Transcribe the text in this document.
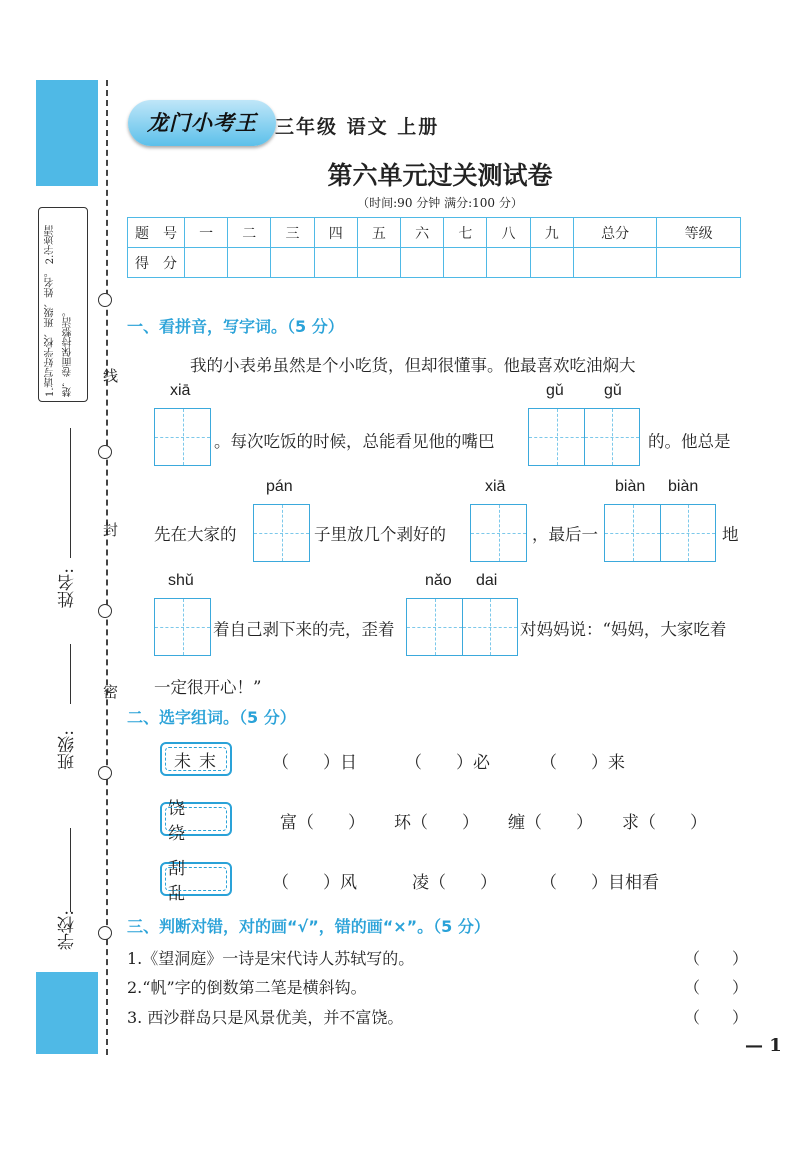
线
封
密
1.请写好学校、班级、姓名。 2.字迹清楚，卷面保持整洁。
姓名:
班级:
学校:
龙门小考王 三年级 语文 上册
第六单元过关测试卷
（时间:90 分钟 满分:100 分）
题　号	一	二	三	四	五	六	七	八	九	总分	等级
得　分											
一、看拼音，写字词。（5 分）
我的小表弟虽然是个小吃货，但却很懂事。他最喜欢吃油焖大
xiā	gǔ	gǔ
。每次吃饭的时候，总能看见他的嘴巴	的。他总是
pán	xiā	biàn biàn
先在大家的	子里放几个剥好的	，最后一	地
shǔ	nǎo dai
着自己剥下来的壳，歪着	对妈妈说：“妈妈，大家吃着
一定很开心！”
二、选字组词。（5 分）
未末	（　　）日	（　　）必	（　　）来
饶 绕
富（　　） 环（　　） 缠（　　） 求（　　）
刮 乱
（　　）风	凌（　　）	（　　）目相看
三、判断对错，对的画“√”，错的画“×”。（5 分）
1.《望洞庭》一诗是宋代诗人苏轼写的。	（　　）
2.“帆”字的倒数第二笔是横斜钩。	（　　）
3. 西沙群岛只是风景优美，并不富饶。	（　　）
— 1
